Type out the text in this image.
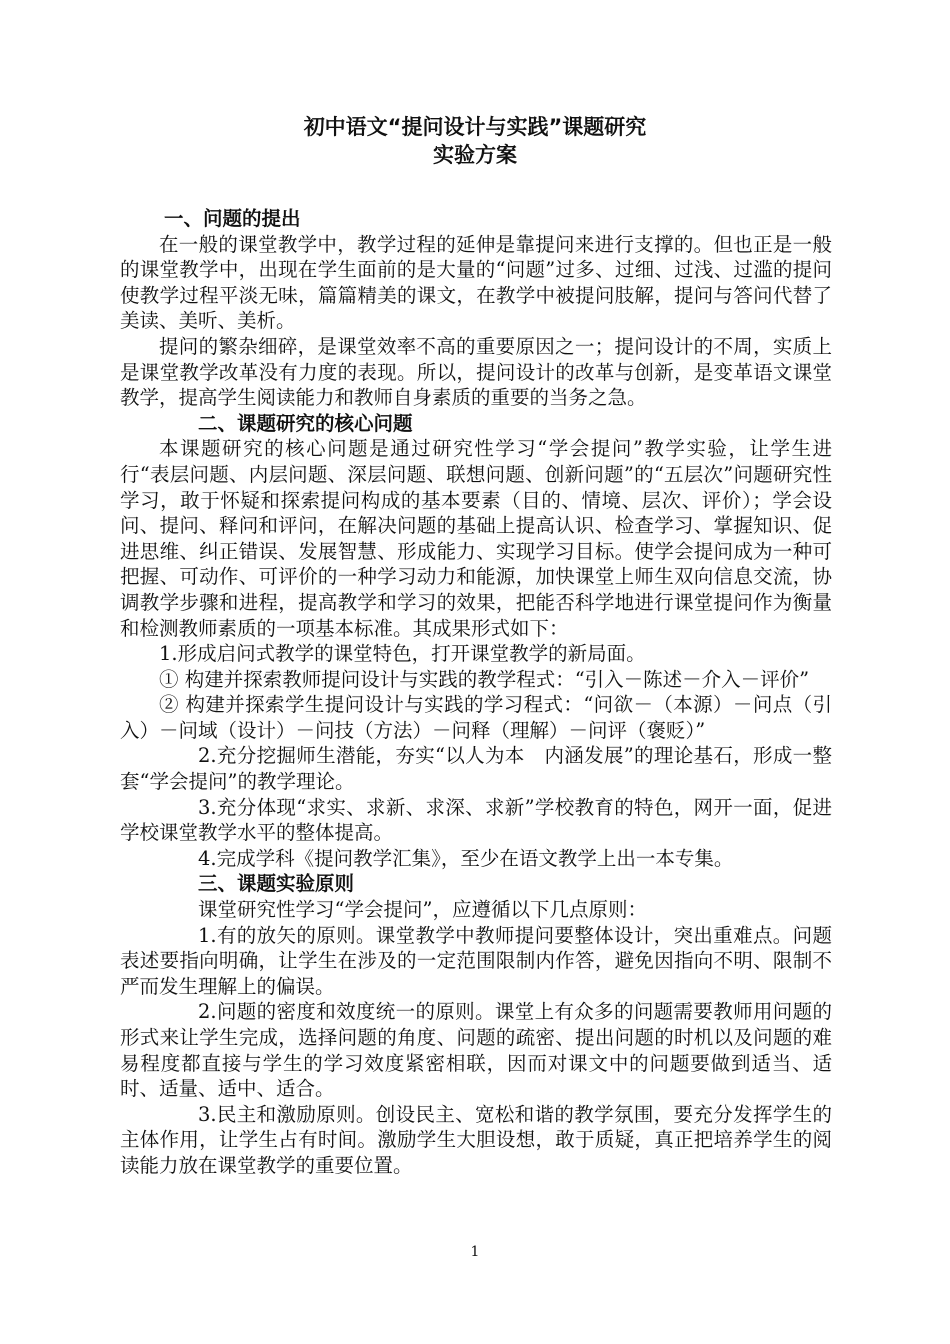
初中语文“提问设计与实践”课题研究
实验方案
一、问题的提出

在一般的课堂教学中，教学过程的延伸是靠提问来进行支撑的。但也正是一般的课堂教学中，出现在学生面前的是大量的“问题”过多、过细、过浅、过滥的提问使教学过程平淡无味，篇篇精美的课文，在教学中被提问肢解，提问与答问代替了美读、美听、美析。

提问的繁杂细碎，是课堂效率不高的重要原因之一；提问设计的不周，实质上是课堂教学改革没有力度的表现。所以，提问设计的改革与创新，是变革语文课堂教学，提高学生阅读能力和教师自身素质的重要的当务之急。

二、课题研究的核心问题

本课题研究的核心问题是通过研究性学习“学会提问”教学实验，让学生进行“表层问题、内层问题、深层问题、联想问题、创新问题”的“五层次”问题研究性学习，敢于怀疑和探索提问构成的基本要素（目的、情境、层次、评价）；学会设问、提问、释问和评问，在解决问题的基础上提高认识、检查学习、掌握知识、促进思维、纠正错误、发展智慧、形成能力、实现学习目标。使学会提问成为一种可把握、可动作、可评价的一种学习动力和能源，加快课堂上师生双向信息交流，协调教学步骤和进程，提高教学和学习的效果，把能否科学地进行课堂提问作为衡量和检测教师素质的一项基本标准。其成果形式如下：

1.形成启问式教学的课堂特色，打开课堂教学的新局面。

① 构建并探索教师提问设计与实践的教学程式：“引入－陈述－介入－评价”

② 构建并探索学生提问设计与实践的学习程式：“问欲－（本源）－问点（引入）－问域（设计）－问技（方法）－问释（理解）－问评（褒贬）”

2.充分挖掘师生潜能，夯实“以人为本　内涵发展”的理论基石，形成一整套“学会提问”的教学理论。

3.充分体现“求实、求新、求深、求新”学校教育的特色，网开一面，促进学校课堂教学水平的整体提高。

4.完成学科《提问教学汇集》，至少在语文教学上出一本专集。

三、课题实验原则

课堂研究性学习“学会提问”，应遵循以下几点原则：

1.有的放矢的原则。课堂教学中教师提问要整体设计，突出重难点。问题表述要指向明确，让学生在涉及的一定范围限制内作答，避免因指向不明、限制不严而发生理解上的偏误。

2.问题的密度和效度统一的原则。课堂上有众多的问题需要教师用问题的形式来让学生完成，选择问题的角度、问题的疏密、提出问题的时机以及问题的难易程度都直接与学生的学习效度紧密相联，因而对课文中的问题要做到适当、适时、适量、适中、适合。

3.民主和激励原则。创设民主、宽松和谐的教学氛围，要充分发挥学生的主体作用，让学生占有时间。激励学生大胆设想，敢于质疑，真正把培养学生的阅读能力放在课堂教学的重要位置。

1
